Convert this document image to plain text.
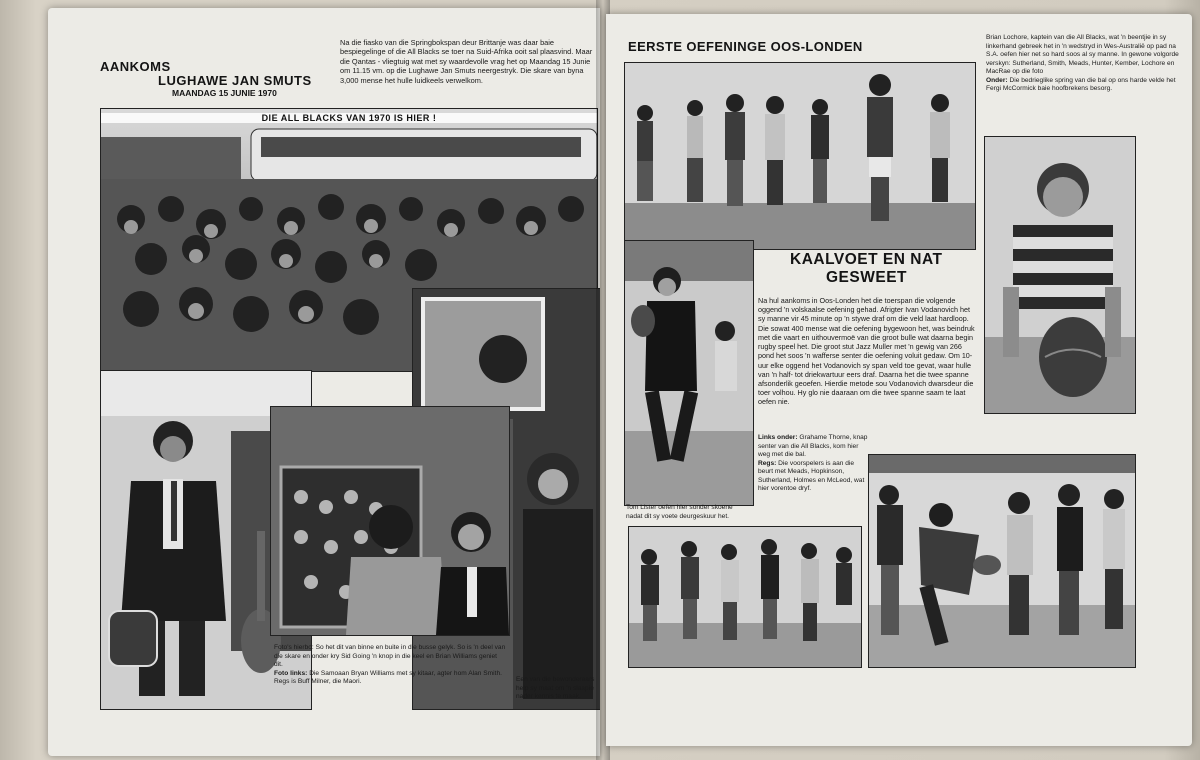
AANKOMS
LUGHAWE JAN SMUTS
MAANDAG 15 JUNIE 1970
Na die fiasko van die Springbokspan deur Brittanje was daar baie bespiegelinge of die All Blacks se toer na Suid-Afrika ooit sal plaasvind. Maar die Qantas - vliegtuig wat met sy waardevolle vrag het op Maandag 15 Junie om 11.15 vm. op die Lughawe Jan Smuts neergestryk. Die skare van byna 3,000 mense het hulle luidkeels verwelkom.
DIE ALL BLACKS VAN 1970 IS HIER !
Foto's hierbo: So het dit van binne en buite in die busse gelyk. So is 'n deel van die skare en onder kry Sid Going 'n knop in die keel en Brian Williams geniet dit.
Foto links: Die Samoaan Bryan Williams met sy kitaar, agter hom Alan Smith. Regs is Buff Milner, die Maori.	Een van die bewonderaars help sy maat om 'n slaapie nader kennis te maak.
EERSTE OEFENINGE OOS-LONDEN
Brian Lochore, kaptein van die All Blacks, wat 'n beentjie in sy linkerhand gebreek het in 'n wedstryd in Wes-Australië op pad na S.A. oefen hier net so hard soos al sy manne. In gewone volgorde verskyn: Sutherland, Smith, Meads, Hunter, Kember, Lochore en MacRae op die foto
Onder: Die bedrieglike spring van die bal op ons harde velde het Fergi McCormick baie hoofbrekens besorg.
KAALVOET EN NAT
GESWEET
Na hul aankoms in Oos-Londen het die toerspan die volgende oggend 'n volskaalse oefening gehad. Afrigter Ivan Vodanovich het sy manne vir 45 minute op 'n stywe draf om die veld laat hardloop. Die sowat 400 mense wat die oefening bygewoon het, was beindruk met die vaart en uithouvermoë van die groot bulle wat daarna begin rugby speel het. Die groot stut Jazz Muller met 'n gewig van 266 pond het soos 'n wafferse senter die oefening voluit gedaw. Om 10-uur elke oggend het Vodanovich sy span veld toe gevat, waar hulle van 'n half- tot driekwartuur eers draf. Daarna het die twee spanne afsonderlik geoefen. Hierdie metode sou Vodanovich dwarsdeur die toer volhou. Hy glo nie daaraan om die twee spanne saam te laat oefen nie.
Links onder: Grahame Thorne, knap senter van die All Blacks, kom hier weg met die bal.
Regs: Die voorspelers is aan die beurt met Meads, Hopkinson, Sutherland, Holmes en McLeod, wat hier vorentoe dryf.
Tom Lister oefen hier sonder skoene nadat dit sy voete deurgeskuur het.
